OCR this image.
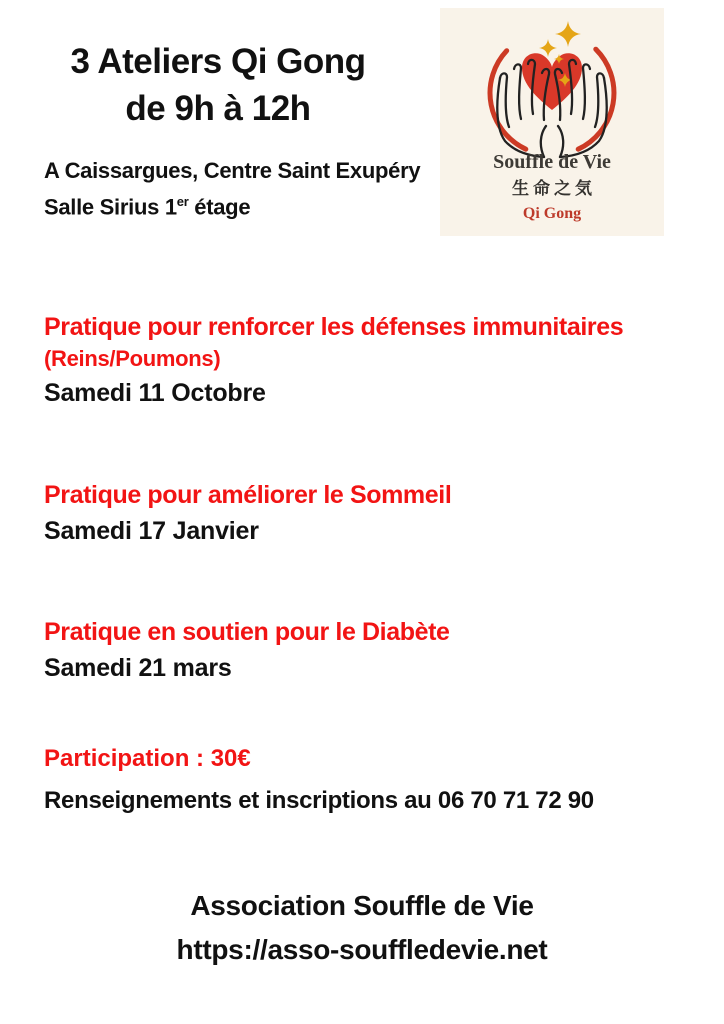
3 Ateliers Qi Gong
de 9h à 12h
A Caissargues, Centre Saint Exupéry
Salle Sirius 1er étage
Souffle de Vie
生命之気
Qi Gong
Pratique pour renforcer les défenses immunitaires
(Reins/Poumons)
Samedi 11 Octobre
Pratique pour améliorer le Sommeil
Samedi 17 Janvier
Pratique en soutien pour le Diabète
Samedi 21 mars
Participation : 30€
Renseignements et inscriptions au 06 70 71 72 90
Association Souffle de Vie
https://asso-souffledevie.net
